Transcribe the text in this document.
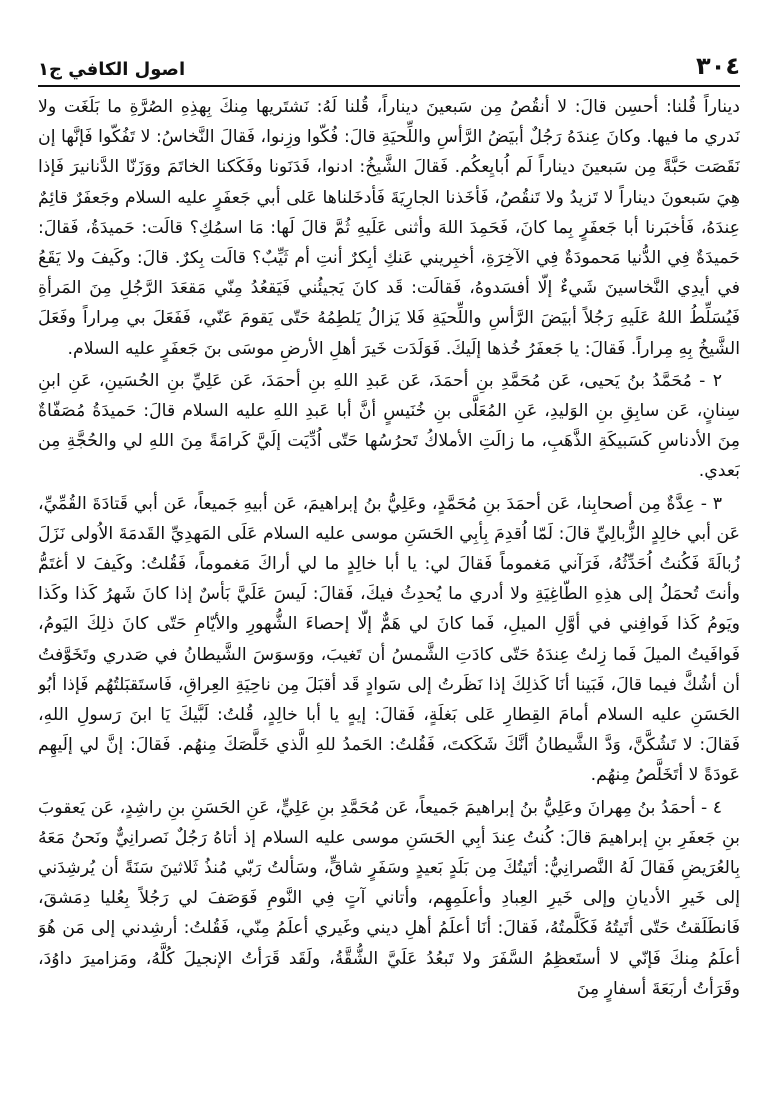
٣٠٤
اصول الكافي ج١

ديناراً قُلنا: أحسِن قالَ: لا أنقُصُ مِن سَبعينَ ديناراً، قُلنا لَهُ: نَشتَريها مِنكَ بِهذِهِ الصُرَّةِ ما بَلَغَت ولا نَدري ما فيها. وكانَ عِندَهُ رَجُلٌ أبيَضُ الرَّأسِ واللِّحيَةِ قالَ: فُكّوا وزِنوا، فَقالَ النَّخاسُ: لا تَفُكّوا فَإنَّها إن نَقَصَت حَبَّةً مِن سَبعينَ ديناراً لَم اُبايِعكُم. فَقالَ الشَّيخُ: ادنوا، فَدَنَونا وفَكَكنا الخاتَمَ ووَزَنّا الدَّنانيرَ فَإذا هِيَ سَبعونَ ديناراً لا تَزيدُ ولا تَنقُصُ، فَأخَذنا الجارِيَةَ فَأدخَلناها عَلى أبي جَعفَرٍ عليه السلام وجَعفَرٌ قائِمٌ عِندَهُ، فَأخبَرنا أبا جَعفَرٍ بِما كانَ، فَحَمِدَ اللهَ وأثنى عَلَيهِ ثُمَّ قالَ لَها: مَا اسمُكِ؟ قالَت: حَميدَةُ، فَقالَ: حَميدَةٌ فِي الدُّنيا مَحمودَةٌ فِي الآخِرَةِ، أخبِريني عَنكِ أبِكرٌ أنتِ أم ثَيِّبٌ؟ قالَت بِكرٌ. قالَ: وكَيفَ ولا يَقَعُ في أيدِي النَّخاسينَ شَيءٌ إلّا أفسَدوهُ، فَقالَت: قَد كانَ يَجيئُني فَيَقعُدُ مِنّي مَقعَدَ الرَّجُلِ مِنَ المَرأةِ فَيُسَلِّطُ اللهُ عَلَيهِ رَجُلاً أبيَضَ الرَّأسِ واللِّحيَةِ فَلا يَزالُ يَلطِمُهُ حَتّى يَقومَ عَنّي، فَفَعَلَ بي مِراراً وفَعَلَ الشَّيخُ بِهِ مِراراً. فَقالَ: يا جَعفَرُ خُذها إلَيكَ. فَوَلَدَت خَيرَ أهلِ الأرضِ موسَى بنَ جَعفَرٍ عليه السلام.

٢ - مُحَمَّدُ بنُ يَحيى، عَن مُحَمَّدِ بنِ أحمَدَ، عَن عَبدِ اللهِ بنِ أحمَدَ، عَن عَلِيِّ بنِ الحُسَينِ، عَنِ ابنِ سِنانٍ، عَن سابِقِ بنِ الوَليدِ، عَنِ المُعَلَّى بنِ خُنَيسٍ أنَّ أبا عَبدِ اللهِ عليه السلام قالَ: حَميدَةُ مُصَفّاةٌ مِنَ الأدناسِ كَسَبيكَةِ الذَّهَبِ، ما زالَتِ الأملاكُ تَحرُسُها حَتّى اُدِّيَت إلَيَّ كَرامَةً مِنَ اللهِ لي والحُجَّةِ مِن بَعدي.

٣ - عِدَّةٌ مِن أصحابِنا، عَن أحمَدَ بنِ مُحَمَّدٍ، وعَلِيُّ بنُ إبراهيمَ، عَن أبيهِ جَميعاً، عَن أبي قَتادَةَ القُمِّيِّ، عَن أبي خالِدٍ الزُّبالِيِّ قالَ: لَمّا اُقدِمَ بِأبِي الحَسَنِ موسى عليه السلام عَلَى المَهدِيِّ القَدمَةَ الاُولى نَزَلَ زُبالَةَ فَكُنتُ اُحَدِّثُهُ، فَرَآني مَغموماً فَقالَ لي: يا أبا خالِدٍ ما لي أراكَ مَغموماً، فَقُلتُ: وكَيفَ لا أغتَمُّ وأنتَ تُحمَلُ إلى هذِهِ الطّاغِيَةِ ولا أدري ما يُحدِثُ فيكَ، فَقالَ: لَيسَ عَلَيَّ بَأسٌ إذا كانَ شَهرُ كَذا وكَذا ويَومُ كَذا فَوافِني في أوَّلِ الميلِ، فَما كانَ لي هَمٌّ إلّا إحصاءَ الشُّهورِ والأيّامِ حَتّى كانَ ذلِكَ اليَومُ، فَوافَيتُ الميلَ فَما زِلتُ عِندَهُ حَتّى كادَتِ الشَّمسُ أن تَغيبَ، ووَسوَسَ الشَّيطانُ في صَدري وتَخَوَّفتُ أن أشُكَّ فيما قالَ، فَبَينا أنَا كَذلِكَ إذا نَظَرتُ إلى سَوادٍ قَد أقبَلَ مِن ناحِيَةِ العِراقِ، فَاستَقبَلتُهُم فَإذا أبُو الحَسَنِ عليه السلام أمامَ القِطارِ عَلى بَغلَةٍ، فَقالَ: إيهٍ يا أبا خالِدٍ، قُلتُ: لَبَّيكَ يَا ابنَ رَسولِ اللهِ، فَقالَ: لا تَشُكَّنَّ، وَدَّ الشَّيطانُ أنَّكَ شَكَكتَ، فَقُلتُ: الحَمدُ للهِ الَّذي خَلَّصَكَ مِنهُم. فَقالَ: إنَّ لي إلَيهِم عَودَةً لا أتَخَلَّصُ مِنهُم.

٤ - أحمَدُ بنُ مِهرانَ وعَلِيُّ بنُ إبراهيمَ جَميعاً، عَن مُحَمَّدِ بنِ عَلِيٍّ، عَنِ الحَسَنِ بنِ راشِدٍ، عَن يَعقوبَ بنِ جَعفَرِ بنِ إبراهيمَ قالَ: كُنتُ عِندَ أبِي الحَسَنِ موسى عليه السلام إذ أتاهُ رَجُلٌ نَصرانِيٌّ ونَحنُ مَعَهُ بِالعُرَيضِ فَقالَ لَهُ النَّصرانِيُّ: أتَيتُكَ مِن بَلَدٍ بَعيدٍ وسَفَرٍ شاقٍّ، وسَألتُ رَبّي مُنذُ ثَلاثينَ سَنَةً أن يُرشِدَني إلى خَيرِ الأديانِ وإلى خَيرِ العِبادِ وأعلَمِهِم، وأتاني آتٍ فِي النَّومِ فَوَصَفَ لي رَجُلاً بِعُليا دِمَشقَ، فَانطَلَقتُ حَتّى أتَيتُهُ فَكَلَّمتُهُ، فَقالَ: أنَا أعلَمُ أهلِ ديني وغَيري أعلَمُ مِنّي، فَقُلتُ: أرشِدني إلى مَن هُوَ أعلَمُ مِنكَ فَإنّي لا أستَعظِمُ السَّفَرَ ولا تَبعُدُ عَلَيَّ الشُّقَّةُ، ولَقَد قَرَأتُ الإنجيلَ كُلَّهُ، ومَزاميرَ داوُدَ، وقَرَأتُ أربَعَةَ أسفارٍ مِنَ
